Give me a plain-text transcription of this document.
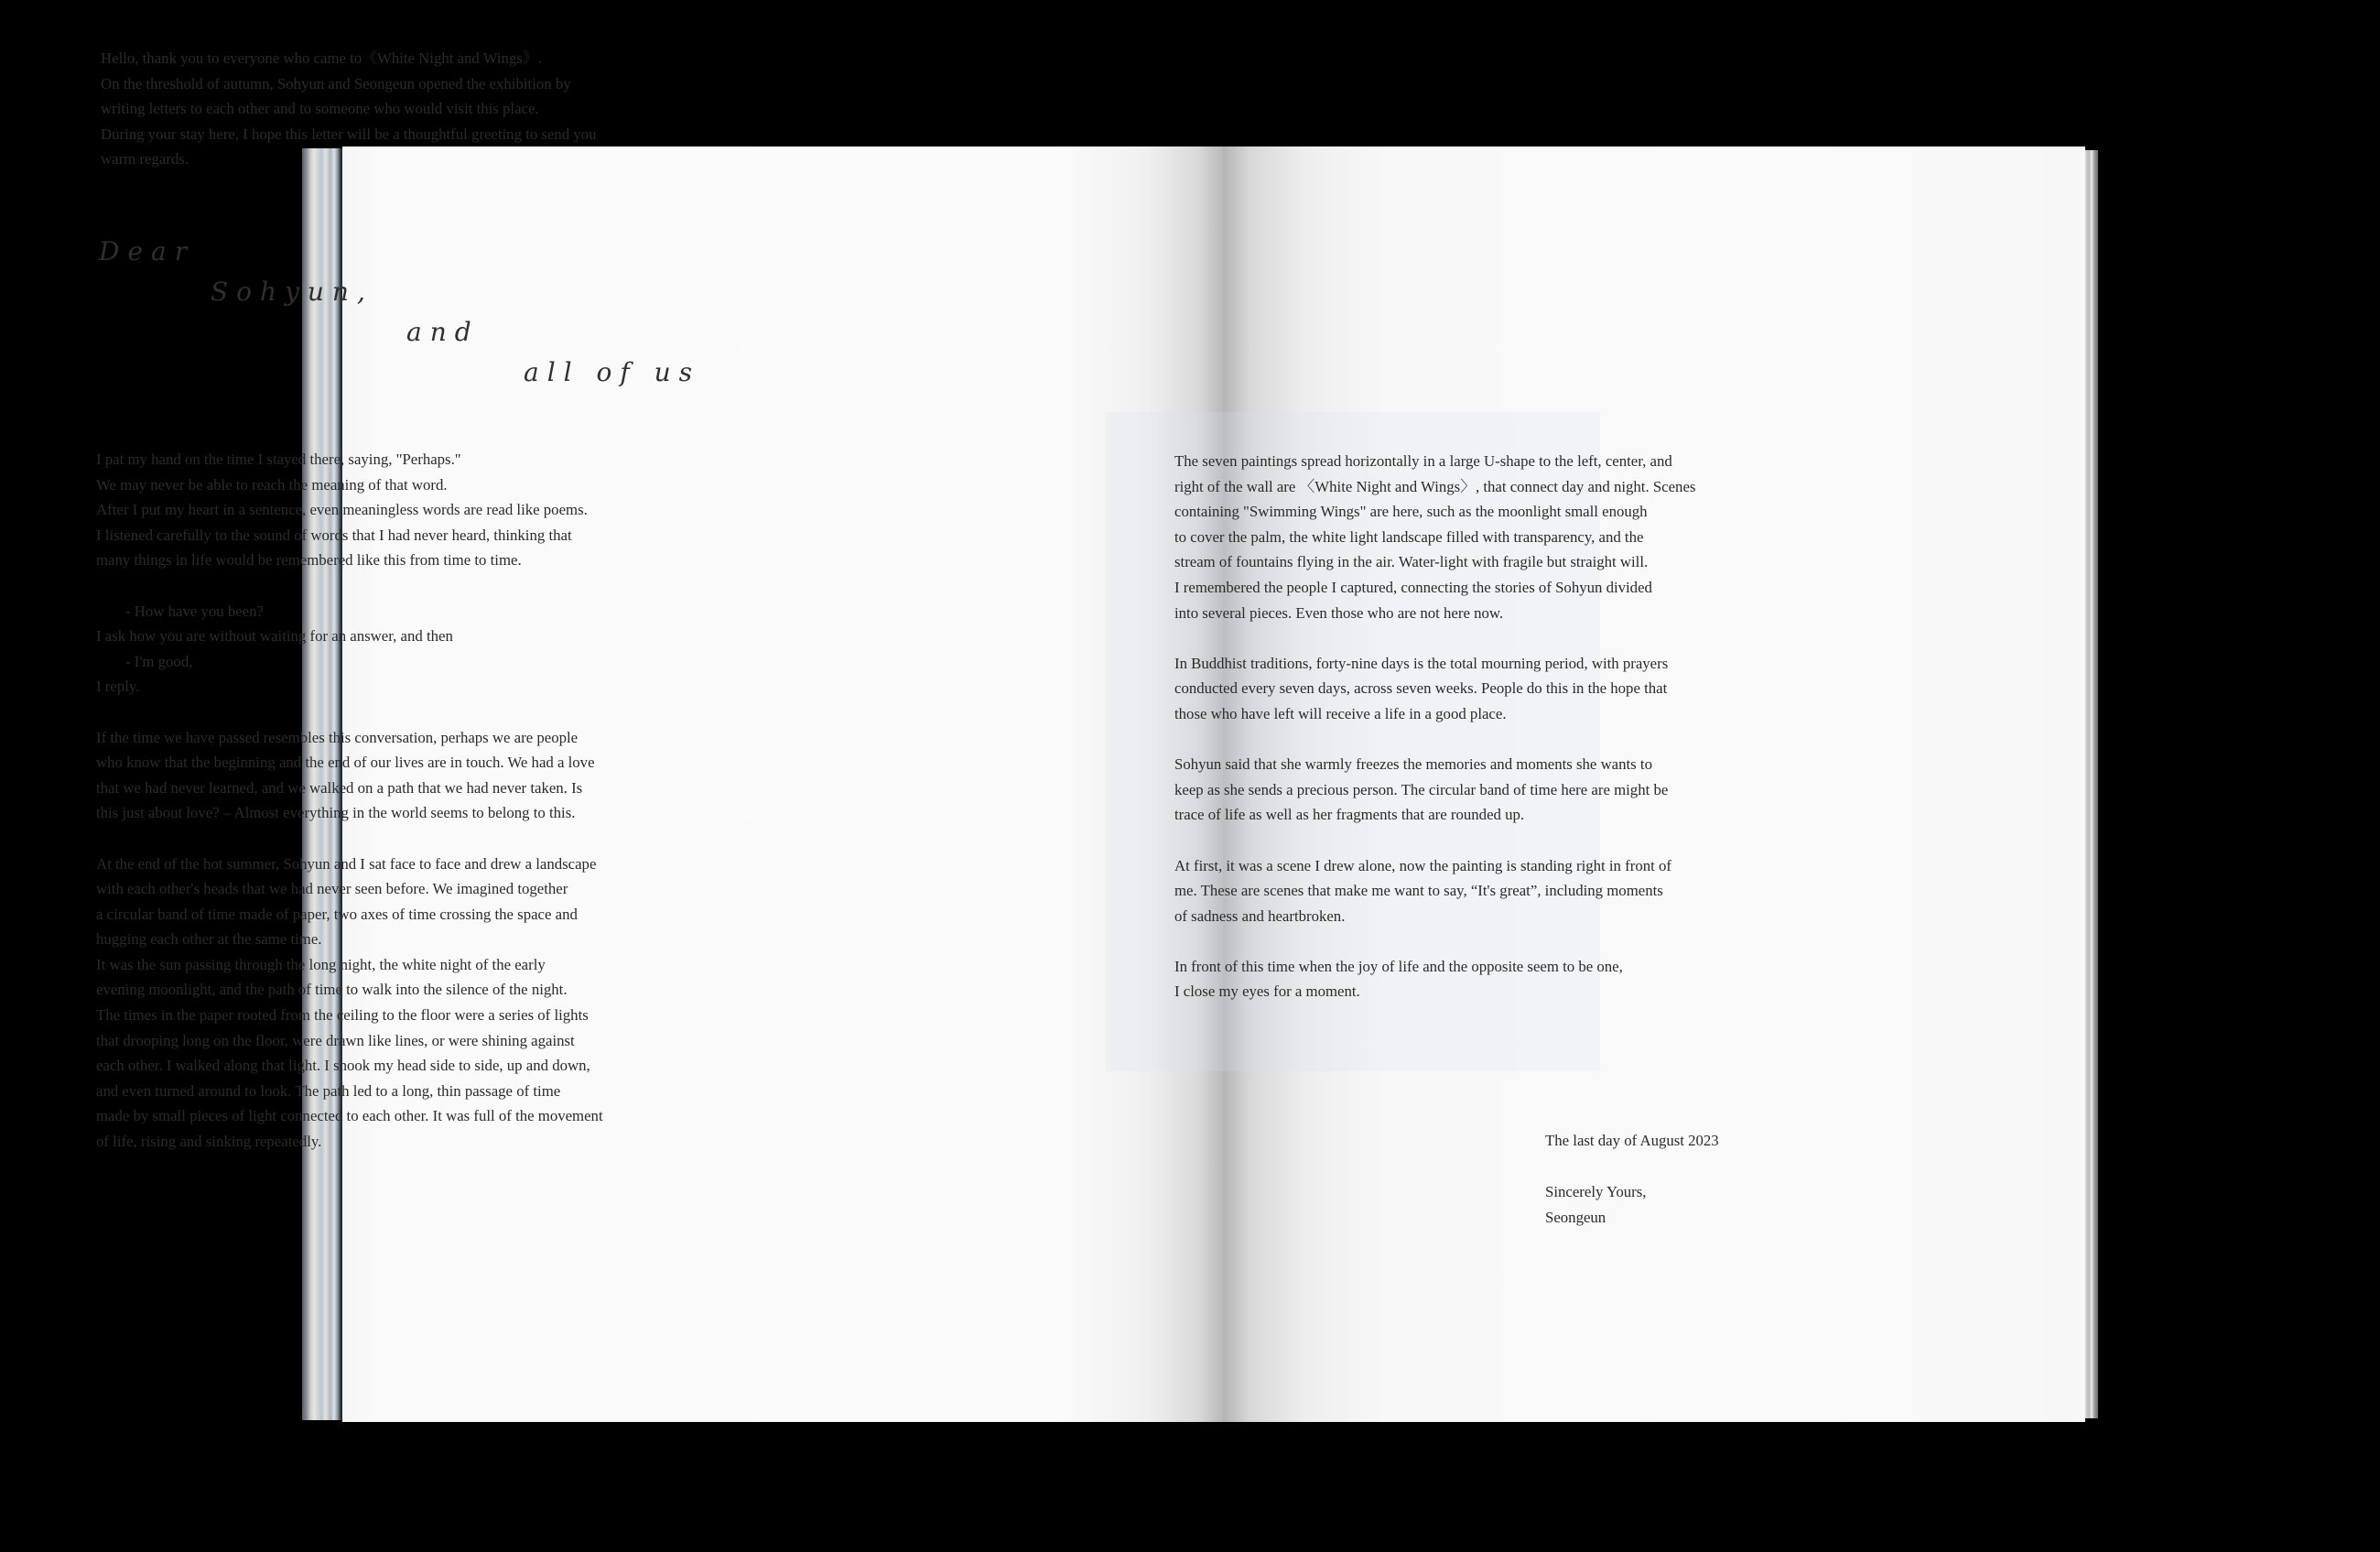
Hello, thank you to everyone who came to《White Night and Wings》.
On the threshold of autumn, Sohyun and Seongeun opened the exhibition by
writing letters to each other and to someone who would visit this place.
During your stay here, I hope this letter will be a thoughtful greeting to send you
warm regards.
Dear
Sohyun,
and
all of us
I pat my hand on the time I stayed there, saying, "Perhaps."
We may never be able to reach the meaning of that word.
After I put my heart in a sentence, even meaningless words are read like poems.
I listened carefully to the sound of words that I had never heard, thinking that
many things in life would be remembered like this from time to time.
- How have you been?
I ask how you are without waiting for an answer, and then
- I'm good,
I reply.
If the time we have passed resembles this conversation, perhaps we are people
who know that the beginning and the end of our lives are in touch. We had a love
that we had never learned, and we walked on a path that we had never taken. Is
this just about love? – Almost everything in the world seems to belong to this.
At the end of the hot summer, Sohyun and I sat face to face and drew a landscape
with each other's heads that we had never seen before. We imagined together
a circular band of time made of paper, two axes of time crossing the space and
hugging each other at the same time.
It was the sun passing through the long night, the white night of the early
evening moonlight, and the path of time to walk into the silence of the night.
The times in the paper rooted from the ceiling to the floor were a series of lights
that drooping long on the floor, were drawn like lines, or were shining against
each other. I walked along that light. I shook my head side to side, up and down,
and even turned around to look. The path led to a long, thin passage of time
made by small pieces of light connected to each other. It was full of the movement
of life, rising and sinking repeatedly.
The seven paintings spread horizontally in a large U-shape to the left, center, and
right of the wall are 〈White Night and Wings〉, that connect day and night. Scenes
containing "Swimming Wings" are here, such as the moonlight small enough
to cover the palm, the white light landscape filled with transparency, and the
stream of fountains flying in the air. Water-light with fragile but straight will.
I remembered the people I captured, connecting the stories of Sohyun divided
into several pieces. Even those who are not here now.
In Buddhist traditions, forty-nine days is the total mourning period, with prayers
conducted every seven days, across seven weeks. People do this in the hope that
those who have left will receive a life in a good place.
Sohyun said that she warmly freezes the memories and moments she wants to
keep as she sends a precious person. The circular band of time here are might be
trace of life as well as her fragments that are rounded up.
At first, it was a scene I drew alone, now the painting is standing right in front of
me. These are scenes that make me want to say, “It's great”, including moments
of sadness and heartbroken.
In front of this time when the joy of life and the opposite seem to be one,
I close my eyes for a moment.
The last day of August 2023
Sincerely Yours,
Seongeun
